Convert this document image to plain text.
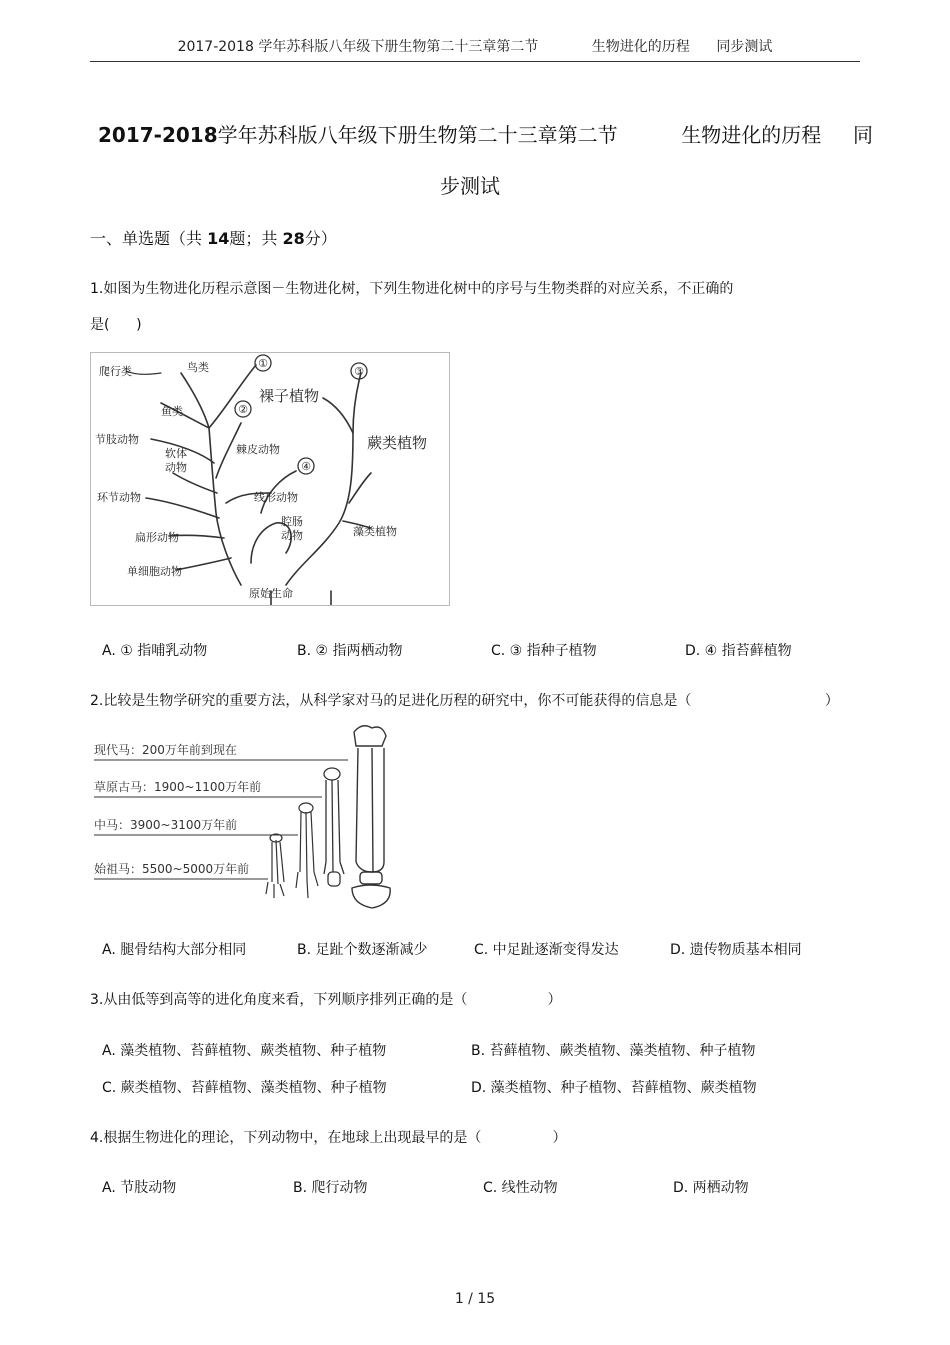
2017-2018 学年苏科版八年级下册生物第二十三章第二节            生物进化的历程      同步测试
2017-2018学年苏科版八年级下册生物第二十三章第二节          生物进化的历程     同
步测试
一、单选题（共 14题；共 28分）
1.如图为生物进化历程示意图－生物进化树，下列生物进化树中的序号与生物类群的对应关系，不正确的
是(      )
①
②
③
④
爬行类	鸟类
鱼类
节肢动物
软体
动物
环节动物
扁形动物
单细胞动物
棘皮动物
线形动物
腔肠
动物	藻类植物
原始生命
裸子植物
蕨类植物
A. ① 指哺乳动物	B. ② 指两栖动物	C. ③ 指种子植物	D. ④ 指苔藓植物
2.比较是生物学研究的重要方法，从科学家对马的足进化历程的研究中，你不可能获得的信息是（                              ）
现代马：200万年前到现在
草原古马：1900~1100万年前
中马：3900~3100万年前
始祖马：5500~5000万年前
A. 腿骨结构大部分相同	B. 足趾个数逐渐减少	C. 中足趾逐渐变得发达	D. 遗传物质基本相同
3.从由低等到高等的进化角度来看，下列顺序排列正确的是（                  ）
A. 藻类植物、苔藓植物、蕨类植物、种子植物	B. 苔藓植物、蕨类植物、藻类植物、种子植物
C. 蕨类植物、苔藓植物、藻类植物、种子植物	D. 藻类植物、种子植物、苔藓植物、蕨类植物
4.根据生物进化的理论，下列动物中，在地球上出现最早的是（                ）
A. 节肢动物	B. 爬行动物	C. 线性动物	D. 两栖动物
1 / 15
